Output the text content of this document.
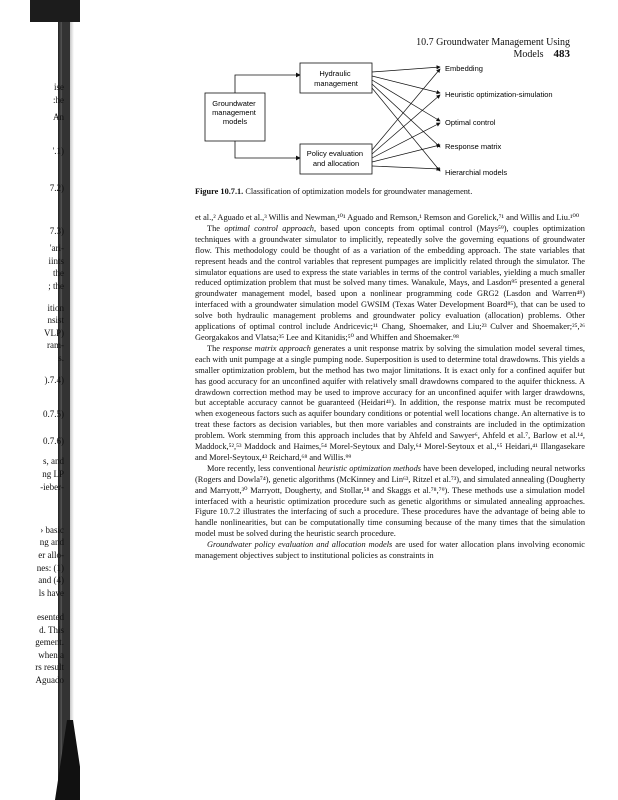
ise
:he
An
'.1)
7.2)
7.3)
'ari-
iints
the
; the
ition
nsist
VLP)
ram-
s.
).7.4)
0.7.5)
0.7.6)
s, and
ng LP
-ieber-
› basic
ng and
er allo-
nes: (1)
and (4)
ls have
esented
d. This
gement.
when a
rs result
Aguado
10.7 Groundwater Management Using Models 483
Groundwater management models
Hydraulic management
Policy evaluation and allocation
Embedding
Heuristic optimization-simulation
Optimal control
Response matrix
Hierarchial models
Figure 10.7.1. Classification of optimization models for groundwater management.

et al.,² Aguado et al.,³ Willis and Newman,¹⁰¹ Aguado and Remson,¹ Remson and Gorelick,⁷¹ and Willis and Liu.¹⁰⁰

The optimal control approach, based upon concepts from optimal control (Mays⁵⁹), couples optimization techniques with a groundwater simulator to implicitly, repeatedly solve the governing equations of groundwater flow. This methodology could be thought of as a variation of the embedding approach. The state variables that represent heads and the control variables that represent pumpages are implicitly related through the simulator. The simulator equations are used to express the state variables in terms of the control variables, yielding a much smaller reduced optimization problem that must be solved many times. Wanakule, Mays, and Lasdon⁹⁵ presented a general groundwater management model, based upon a nonlinear programming code GRG2 (Lasdon and Warren⁴⁸) interfaced with a groundwater simulation model GWSIM (Texas Water Development Board⁸⁵), that can be used to solve both hydraulic management problems and groundwater policy evaluation (allocation) problems. Other applications of optimal control include Andricevic;¹¹ Chang, Shoemaker, and Liu;²³ Culver and Shoemaker;²⁵,²⁶ Georgakakos and Vlatsa;³⁵ Lee and Kitanidis;⁵⁰ and Whiffen and Shoemaker.⁹⁸

The response matrix approach generates a unit response matrix by solving the simulation model several times, each with unit pumpage at a single pumping node. Superposition is used to determine total drawdowns. This yields a smaller optimization problem, but the method has two major limitations. It is exact only for a confined aquifer but has good accuracy for an unconfined aquifer with relatively small drawdowns compared to the aquifer thickness. A drawdown correction method may be used to improve accuracy for an unconfined aquifer with larger drawdowns, but acceptable accuracy cannot be guaranteed (Heidari⁴¹). In addition, the response matrix must be recomputed when exogeneous factors such as aquifer boundary conditions or potential well locations change. An alternative is to treat these factors as decision variables, but then more variables and constraints are included in the optimization problem. Work stemming from this approach includes that by Ahfeld and Sawyer⁶, Ahfeld et al.⁷, Barlow et al.¹⁴, Maddock,⁵²,⁵³ Maddock and Haimes,⁵⁴ Morel-Seytoux and Daly,⁶⁴ Morel-Seytoux et al.,⁶⁵ Heidari,⁴¹ Illangasekare and Morel-Seytoux,⁴³ Reichard,⁶⁸ and Willis.⁹⁹

More recently, less conventional heuristic optimization methods have been developed, including neural networks (Rogers and Dowla⁷⁴), genetic algorithms (McKinney and Lin⁶³, Ritzel et al.⁷³), and simulated annealing (Dougherty and Marryott,³⁰ Marryott, Dougherty, and Stollar,⁵⁸ and Skaggs et al.⁷⁸,⁷⁹). These methods use a simulation model interfaced with a heuristic optimization procedure such as genetic algorithms or simulated annealing approaches. Figure 10.7.2 illustrates the interfacing of such a procedure. These procedures have the advantage of being able to handle nonlinearities, but can be computationally time consuming because of the many times that the simulation model must be solved during the heuristic search procedure.

Groundwater policy evaluation and allocation models are used for water allocation plans involving economic management objectives subject to institutional policies as constraints in
